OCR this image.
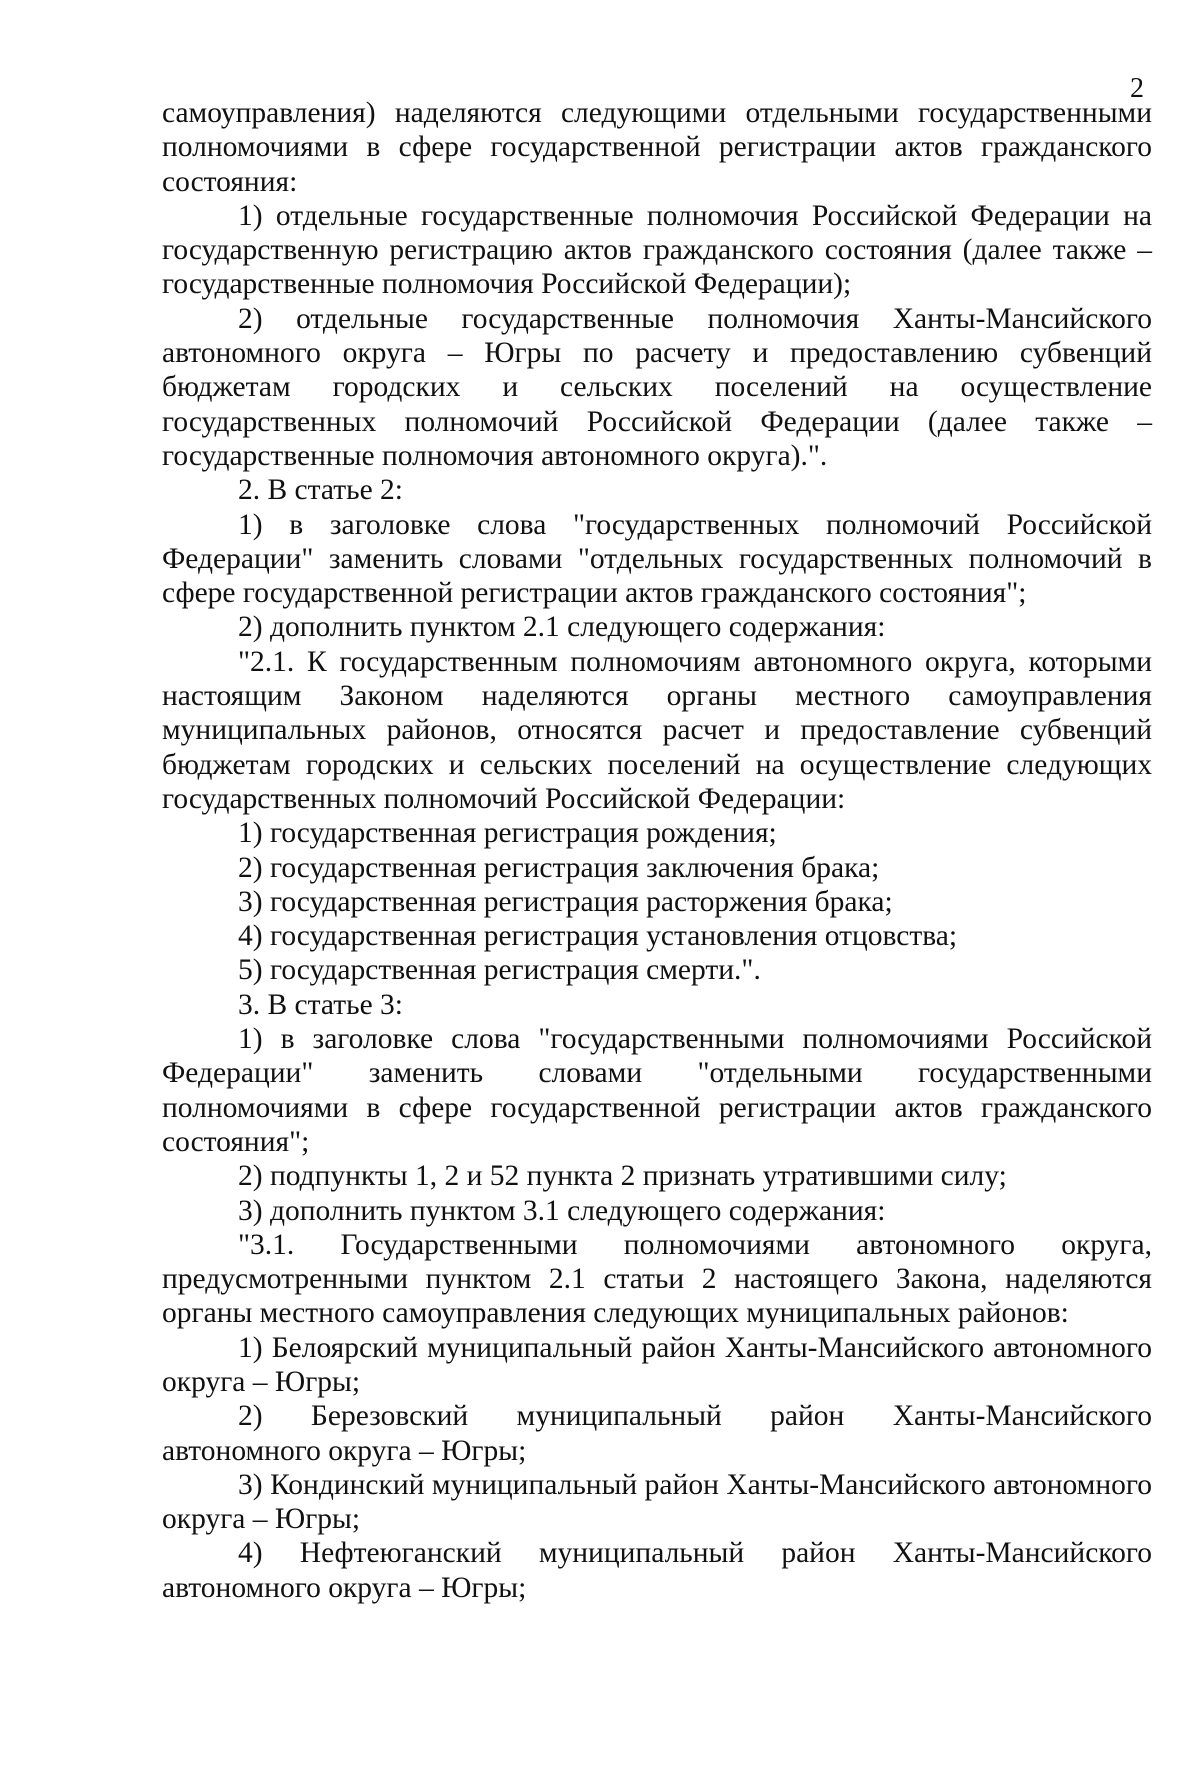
2

самоуправления) наделяются следующими отдельными государственными полномочиями в сфере государственной регистрации актов гражданского состояния:

1) отдельные государственные полномочия Российской Федерации на государственную регистрацию актов гражданского состояния (далее также – государственные полномочия Российской Федерации);

2) отдельные государственные полномочия Ханты-Мансийского автономного округа – Югры по расчету и предоставлению субвенций бюджетам городских и сельских поселений на осуществление государственных полномочий Российской Федерации (далее также – государственные полномочия автономного округа).".

2. В статье 2:

1) в заголовке слова "государственных полномочий Российской Федерации" заменить словами "отдельных государственных полномочий в сфере государственной регистрации актов гражданского состояния";

2) дополнить пунктом 2.1 следующего содержания:

"2.1. К государственным полномочиям автономного округа, которыми настоящим Законом наделяются органы местного самоуправления муниципальных районов, относятся расчет и предоставление субвенций бюджетам городских и сельских поселений на осуществление следующих государственных полномочий Российской Федерации:

1) государственная регистрация рождения;

2) государственная регистрация заключения брака;

3) государственная регистрация расторжения брака;

4) государственная регистрация установления отцовства;

5) государственная регистрация смерти.".

3. В статье 3:

1) в заголовке слова "государственными полномочиями Российской Федерации" заменить словами "отдельными государственными полномочиями в сфере государственной регистрации актов гражданского состояния";

2) подпункты 1, 2 и 52 пункта 2 признать утратившими силу;

3) дополнить пунктом 3.1 следующего содержания:

"3.1. Государственными полномочиями автономного округа, предусмотренными пунктом 2.1 статьи 2 настоящего Закона, наделяются органы местного самоуправления следующих муниципальных районов:

1) Белоярский муниципальный район Ханты-Мансийского автономного округа – Югры;

2) Березовский муниципальный район Ханты-Мансийского автономного округа – Югры;

3) Кондинский муниципальный район Ханты-Мансийского автономного округа – Югры;

4) Нефтеюганский муниципальный район Ханты-Мансийского автономного округа – Югры;
